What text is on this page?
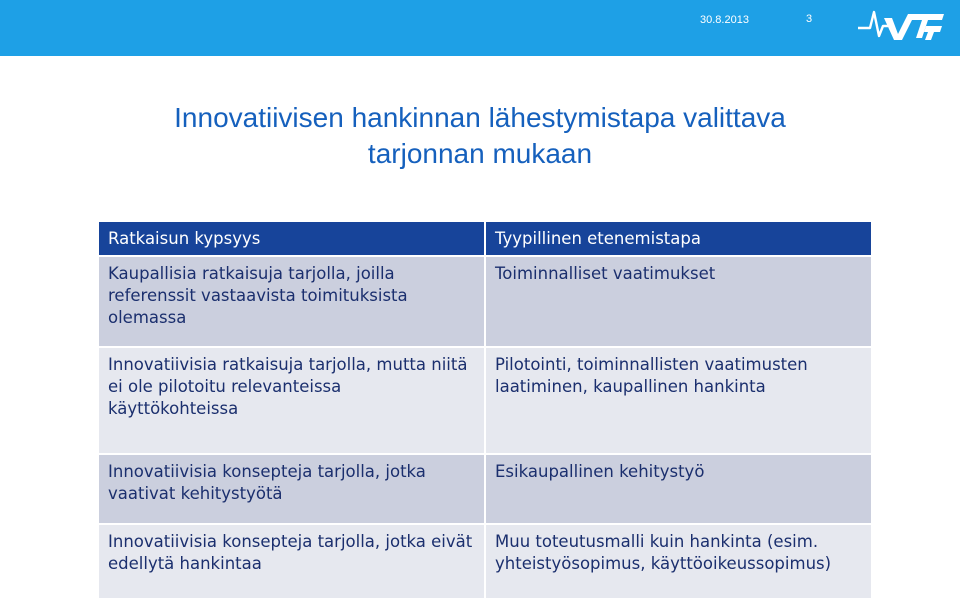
30.8.2013	3
Innovatiivisen hankinnan lähestymistapa valittava
tarjonnan mukaan
Ratkaisun kypsyys	Tyypillinen etenemistapa
Kaupallisia ratkaisuja tarjolla, joilla referenssit vastaavista toimituksista olemassa	Toiminnalliset vaatimukset
Innovatiivisia ratkaisuja tarjolla, mutta niitä ei ole pilotoitu relevanteissa käyttökohteissa	Pilotointi, toiminnallisten vaatimusten laatiminen, kaupallinen hankinta
Innovatiivisia konsepteja tarjolla, jotka vaativat kehitystyötä	Esikaupallinen kehitystyö
Innovatiivisia konsepteja tarjolla, jotka eivät edellytä hankintaa	Muu toteutusmalli kuin hankinta (esim. yhteistyösopimus, käyttöoikeussopimus)
